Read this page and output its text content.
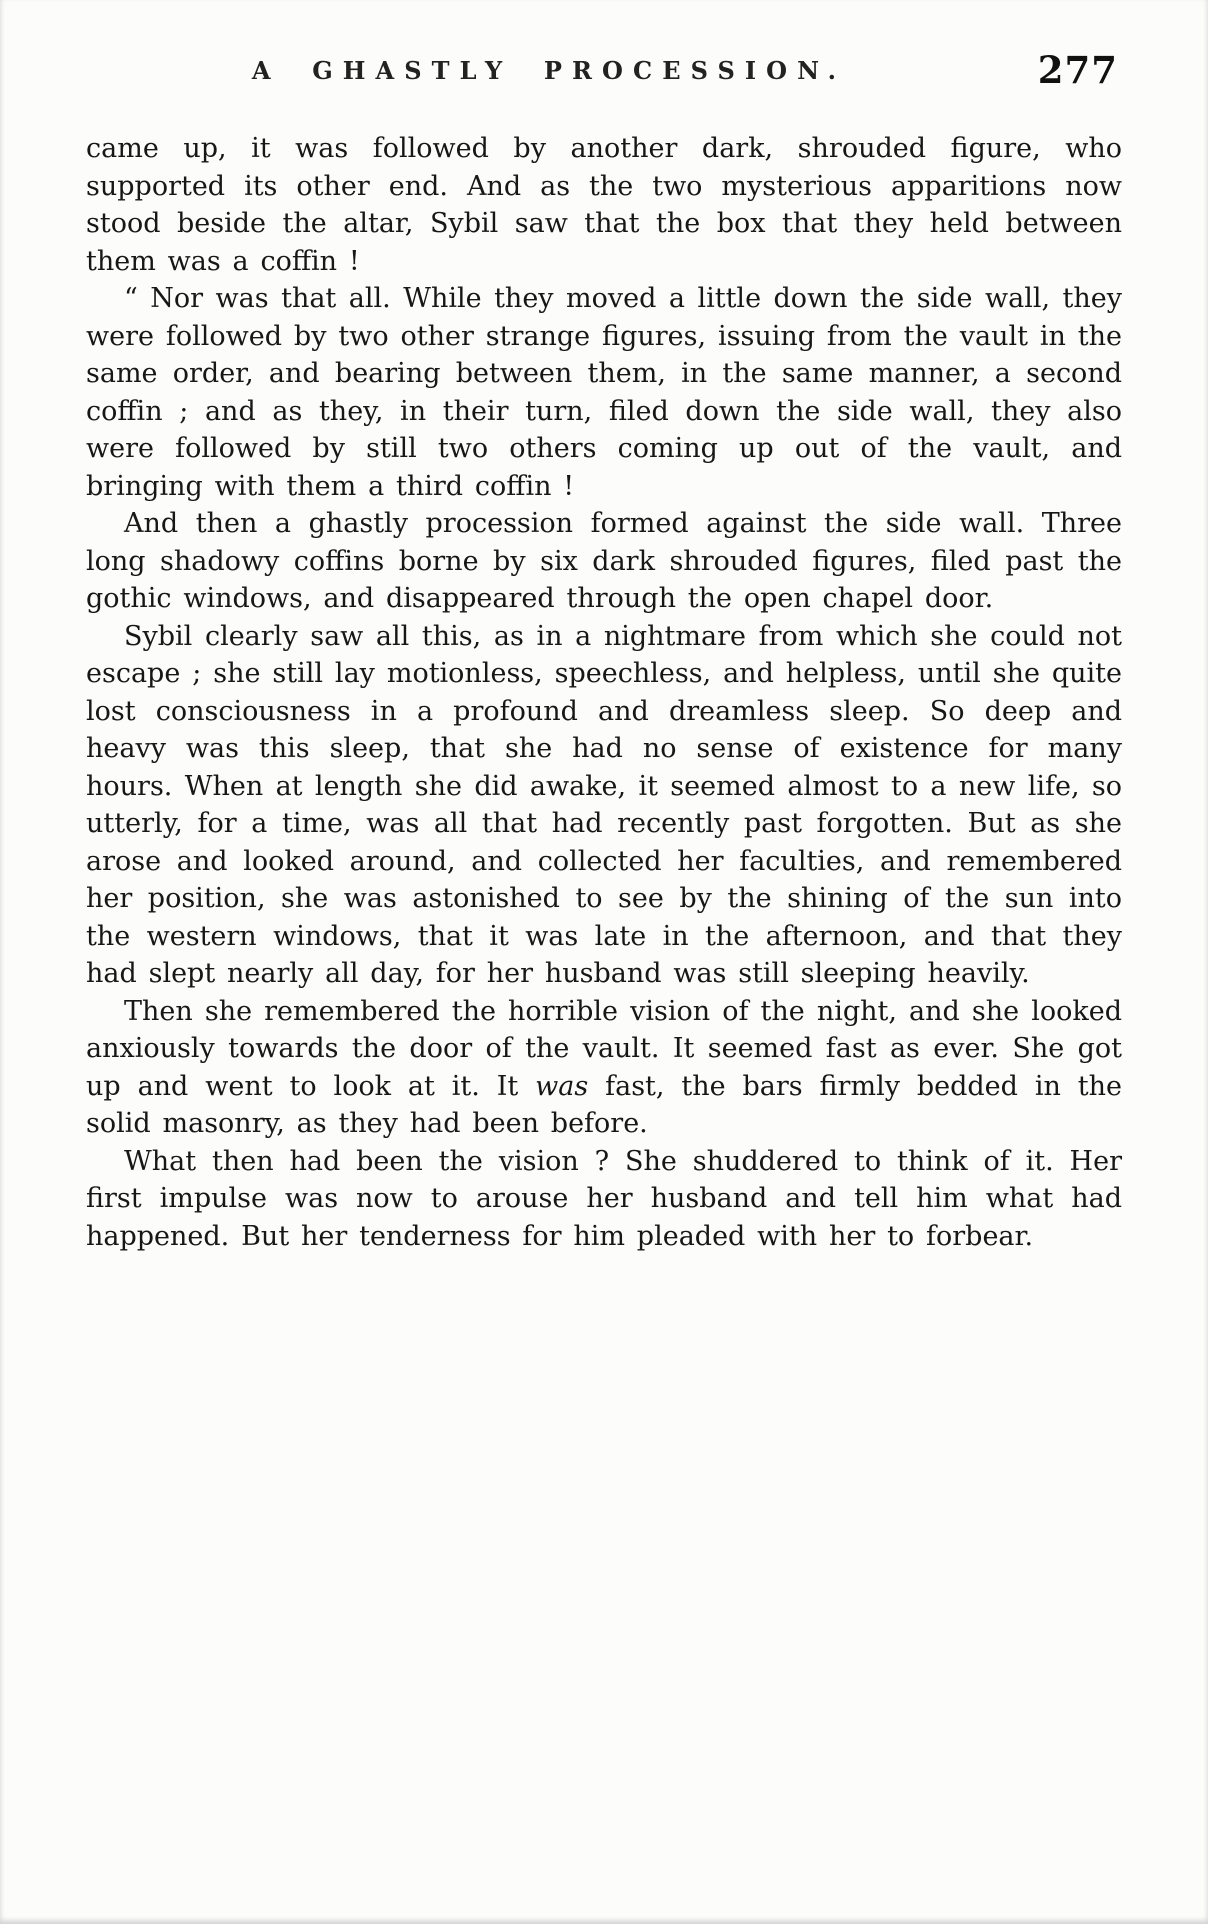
A GHASTLY PROCESSION.	277

came up, it was followed by another dark, shrouded figure, who supported its other end. And as the two mysterious apparitions now stood beside the altar, Sybil saw that the box that they held between them was a coffin !

“ Nor was that all. While they moved a little down the side wall, they were followed by two other strange figures, issuing from the vault in the same order, and bearing between them, in the same manner, a second coffin ; and as they, in their turn, filed down the side wall, they also were followed by still two others coming up out of the vault, and bringing with them a third coffin !

And then a ghastly procession formed against the side wall. Three long shadowy coffins borne by six dark shrouded figures, filed past the gothic windows, and disappeared through the open chapel door.

Sybil clearly saw all this, as in a nightmare from which she could not escape ; she still lay motionless, speechless, and helpless, until she quite lost consciousness in a profound and dreamless sleep. So deep and heavy was this sleep, that she had no sense of existence for many hours. When at length she did awake, it seemed almost to a new life, so utterly, for a time, was all that had recently past forgotten. But as she arose and looked around, and collected her faculties, and remembered her position, she was astonished to see by the shining of the sun into the western windows, that it was late in the afternoon, and that they had slept nearly all day, for her husband was still sleeping heavily.

Then she remembered the horrible vision of the night, and she looked anxiously towards the door of the vault. It seemed fast as ever. She got up and went to look at it. It was fast, the bars firmly bedded in the solid masonry, as they had been before.

What then had been the vision ? She shuddered to think of it. Her first impulse was now to arouse her husband and tell him what had happened. But her tenderness for him pleaded with her to forbear.
